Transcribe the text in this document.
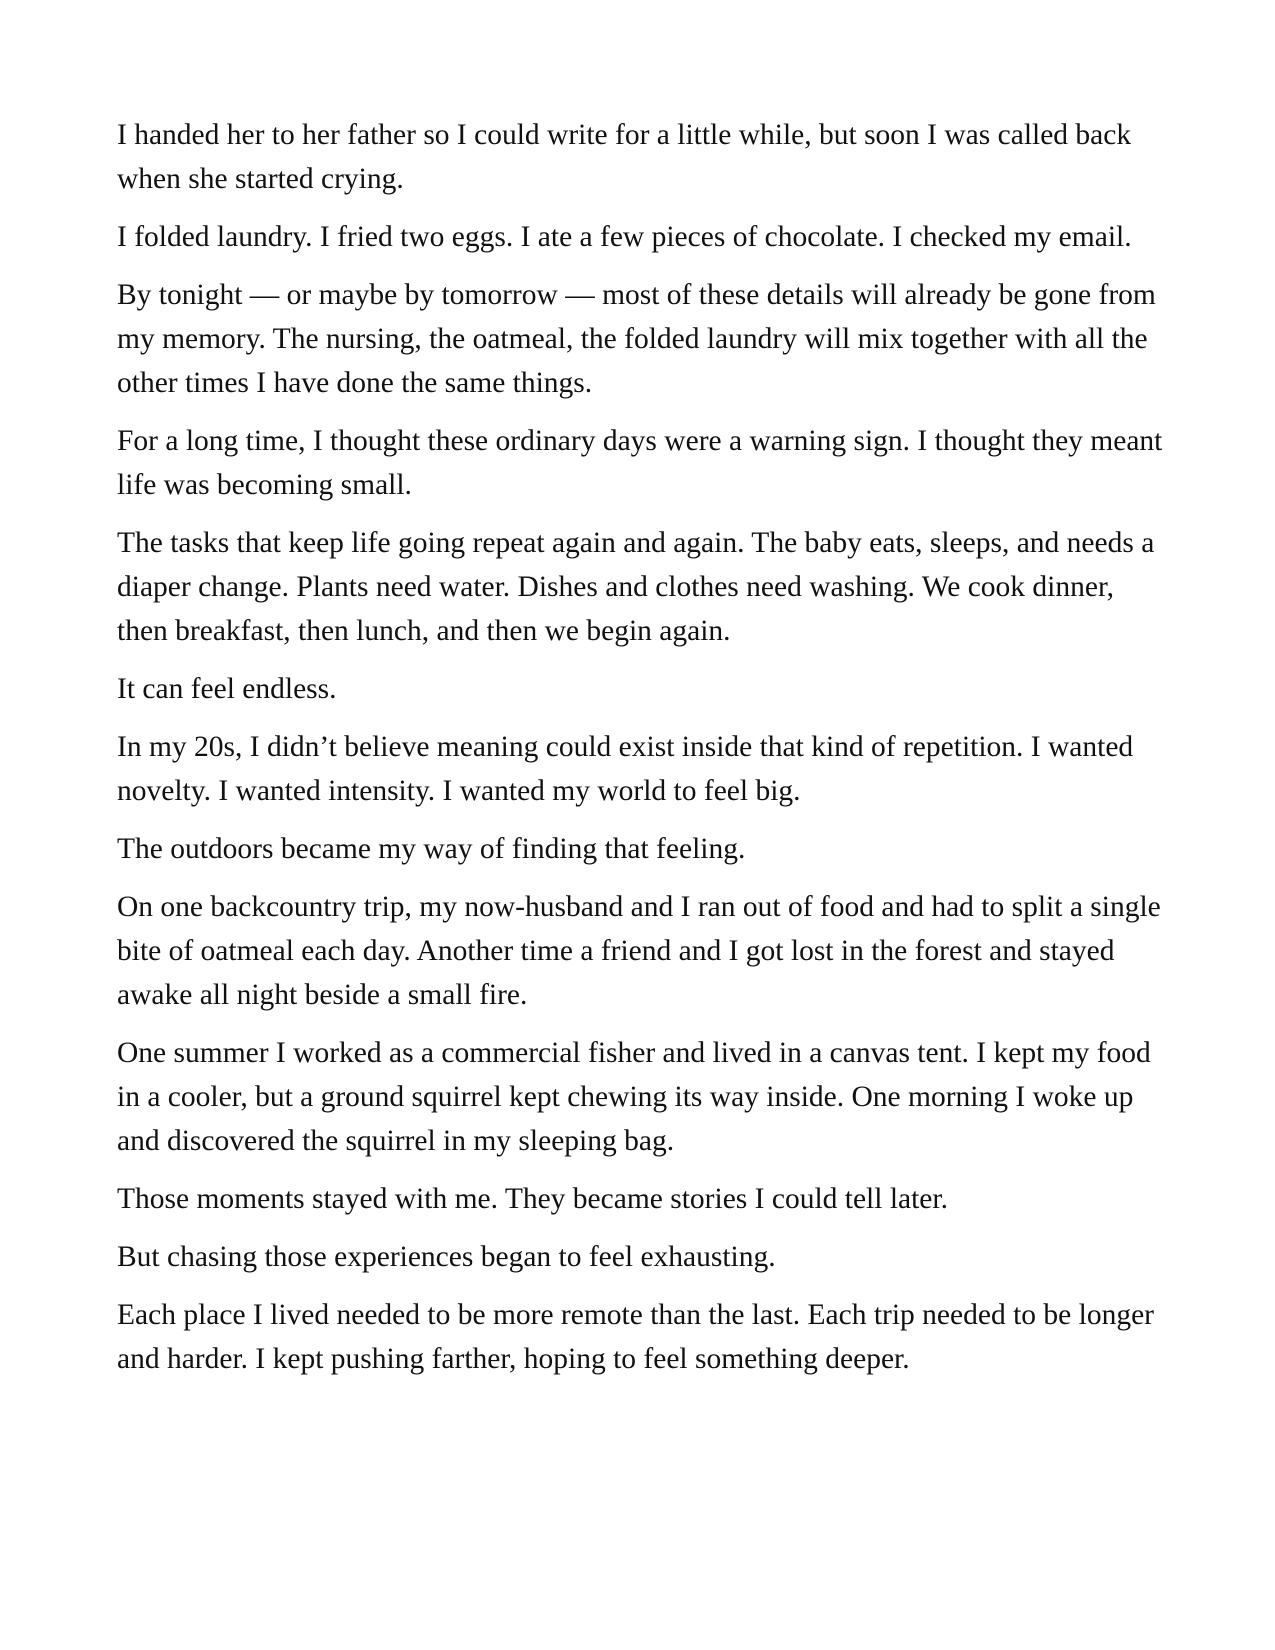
I handed her to her father so I could write for a little while, but soon I was called back when she started crying.

I folded laundry. I fried two eggs. I ate a few pieces of chocolate. I checked my email.

By tonight — or maybe by tomorrow — most of these details will already be gone from my memory. The nursing, the oatmeal, the folded laundry will mix together with all the other times I have done the same things.

For a long time, I thought these ordinary days were a warning sign. I thought they meant life was becoming small.

The tasks that keep life going repeat again and again. The baby eats, sleeps, and needs a diaper change. Plants need water. Dishes and clothes need washing. We cook dinner, then breakfast, then lunch, and then we begin again.

It can feel endless.

In my 20s, I didn’t believe meaning could exist inside that kind of repetition. I wanted novelty. I wanted intensity. I wanted my world to feel big.

The outdoors became my way of finding that feeling.

On one backcountry trip, my now-husband and I ran out of food and had to split a single bite of oatmeal each day. Another time a friend and I got lost in the forest and stayed awake all night beside a small fire.

One summer I worked as a commercial fisher and lived in a canvas tent. I kept my food in a cooler, but a ground squirrel kept chewing its way inside. One morning I woke up and discovered the squirrel in my sleeping bag.

Those moments stayed with me. They became stories I could tell later.

But chasing those experiences began to feel exhausting.

Each place I lived needed to be more remote than the last. Each trip needed to be longer and harder. I kept pushing farther, hoping to feel something deeper.
